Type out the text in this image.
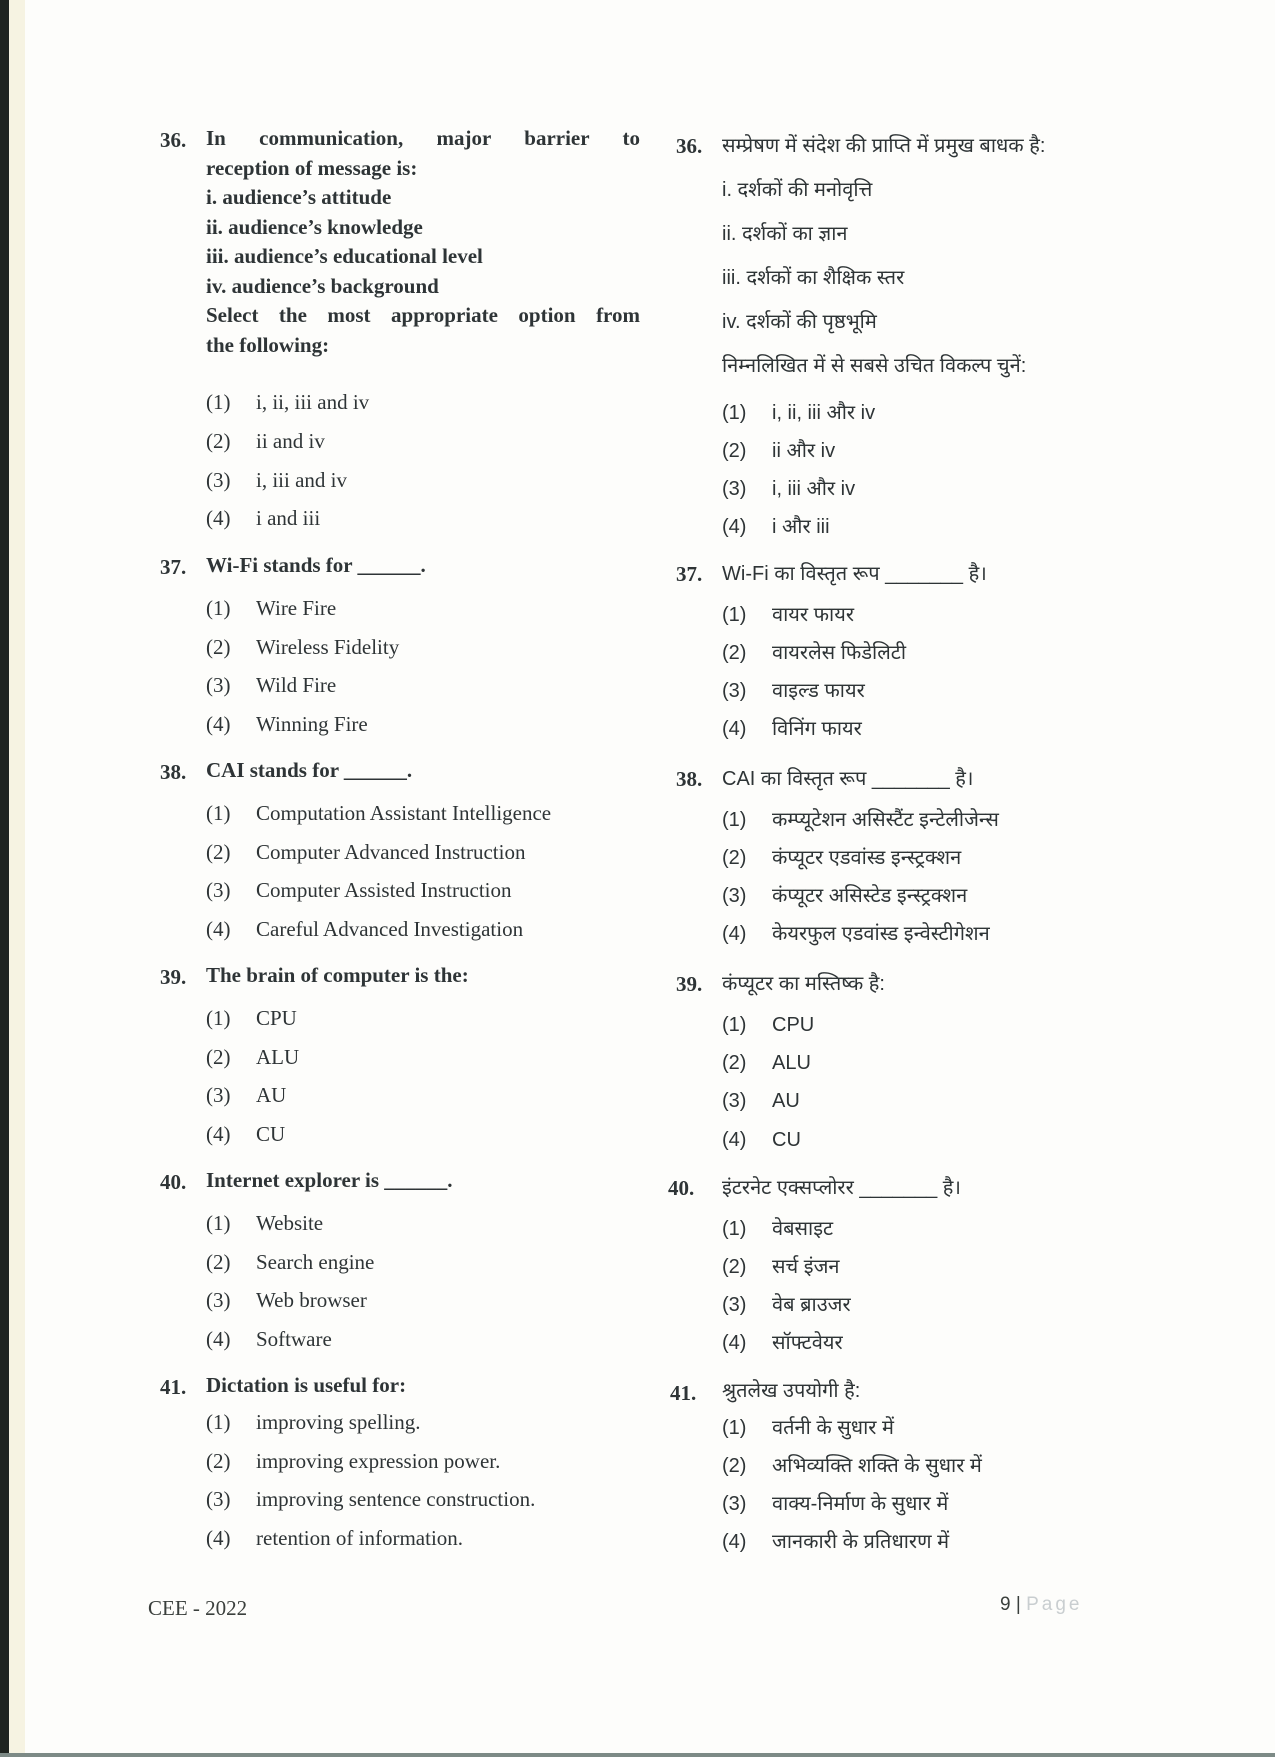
36. In communication, major barrier to
reception of message is:
i. audience’s attitude
ii. audience’s knowledge
iii. audience’s educational level
iv. audience’s background
Select the most appropriate option from
the following:
(1) i, ii, iii and iv
(2) ii and iv
(3) i, iii and iv
(4) i and iii
37. Wi-Fi stands for ______.
(1) Wire Fire
(2) Wireless Fidelity
(3) Wild Fire
(4) Winning Fire
38. CAI stands for ______.
(1) Computation Assistant Intelligence
(2) Computer Advanced Instruction
(3) Computer Assisted Instruction
(4) Careful Advanced Investigation
39. The brain of computer is the:
(1) CPU
(2) ALU
(3) AU
(4) CU
40. Internet explorer is ______.
(1) Website
(2) Search engine
(3) Web browser
(4) Software
41. Dictation is useful for:
(1) improving spelling.
(2) improving expression power.
(3) improving sentence construction.
(4) retention of information.
36. सम्प्रेषण में संदेश की प्राप्ति में प्रमुख बाधक है:
i. दर्शकों की मनोवृत्ति
ii. दर्शकों का ज्ञान
iii. दर्शकों का शैक्षिक स्तर
iv. दर्शकों की पृष्ठभूमि
निम्नलिखित में से सबसे उचित विकल्प चुनें:
(1) i, ii, iii और iv
(2) ii और iv
(3) i, iii और iv
(4) i और iii
37. Wi-Fi का विस्तृत रूप _______ है।
(1) वायर फायर
(2) वायरलेस फिडेलिटी
(3) वाइल्ड फायर
(4) विनिंग फायर
38. CAI का विस्तृत रूप _______ है।
(1) कम्प्यूटेशन असिस्टैंट इन्टेलीजेन्स
(2) कंप्यूटर एडवांस्ड इन्स्ट्रक्शन
(3) कंप्यूटर असिस्टेड इन्स्ट्रक्शन
(4) केयरफुल एडवांस्ड इन्वेस्टीगेशन
39. कंप्यूटर का मस्तिष्क है:
(1) CPU
(2) ALU
(3) AU
(4) CU
40. इंटरनेट एक्सप्लोरर _______ है।
(1) वेबसाइट
(2) सर्च इंजन
(3) वेब ब्राउजर
(4) सॉफ्टवेयर
41. श्रुतलेख उपयोगी है:
(1) वर्तनी के सुधार में
(2) अभिव्यक्ति शक्ति के सुधार में
(3) वाक्य-निर्माण के सुधार में
(4) जानकारी के प्रतिधारण में
CEE - 2022	9 | Page
